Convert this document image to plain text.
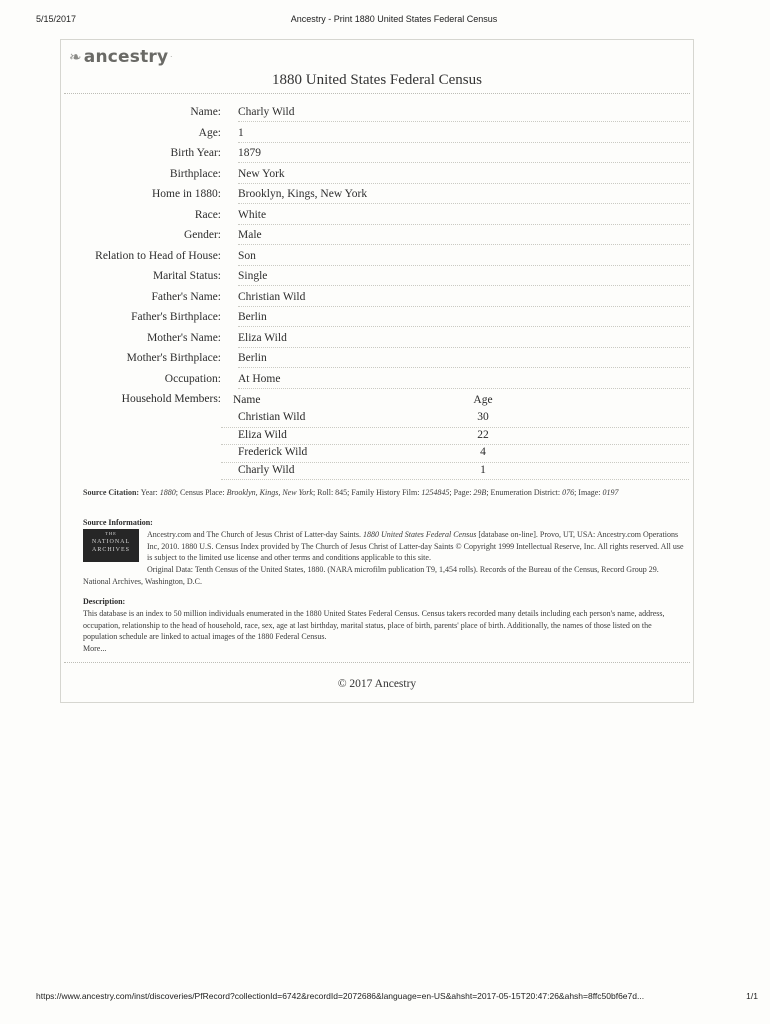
5/15/2017	Ancestry - Print 1880 United States Federal Census
❧ ancestry ·
1880 United States Federal Census
Name: Charly Wild
Age: 1
Birth Year: 1879
Birthplace: New York
Home in 1880: Brooklyn, Kings, New York
Race: White
Gender: Male
Relation to Head of House: Son
Marital Status: Single
Father's Name: Christian Wild
Father's Birthplace: Berlin
Mother's Name: Eliza Wild
Mother's Birthplace: Berlin
Occupation: At Home
Household Members: Name	Age
Christian Wild	30
Eliza Wild	22
Frederick Wild	4
Charly Wild	1
Source Citation: Year: 1880; Census Place: Brooklyn, Kings, New York; Roll: 845; Family History Film: 1254845; Page: 29B; Enumeration District: 076; Image: 0197
Source Information:
THE
NATIONAL
ARCHIVES
Ancestry.com and The Church of Jesus Christ of Latter-day Saints. 1880 United States Federal Census [database on-line]. Provo, UT, USA: Ancestry.com Operations Inc, 2010. 1880 U.S. Census Index provided by The Church of Jesus Christ of Latter-day Saints © Copyright 1999 Intellectual Reserve, Inc. All rights reserved. All use is subject to the limited use license and other terms and conditions applicable to this site.
Original Data: Tenth Census of the United States, 1880. (NARA microfilm publication T9, 1,454 rolls). Records of the Bureau of the Census, Record Group 29. National Archives, Washington, D.C.
Description:
This database is an index to 50 million individuals enumerated in the 1880 United States Federal Census. Census takers recorded many details including each person's name, address, occupation, relationship to the head of household, race, sex, age at last birthday, marital status, place of birth, parents' place of birth. Additionally, the names of those listed on the population schedule are linked to actual images of the 1880 Federal Census.
More...
© 2017 Ancestry
https://www.ancestry.com/inst/discoveries/PfRecord?collectionId=6742&recordId=2072686&language=en-US&ahsht=2017-05-15T20:47:26&ahsh=8ffc50bf6e7d...	1/1
